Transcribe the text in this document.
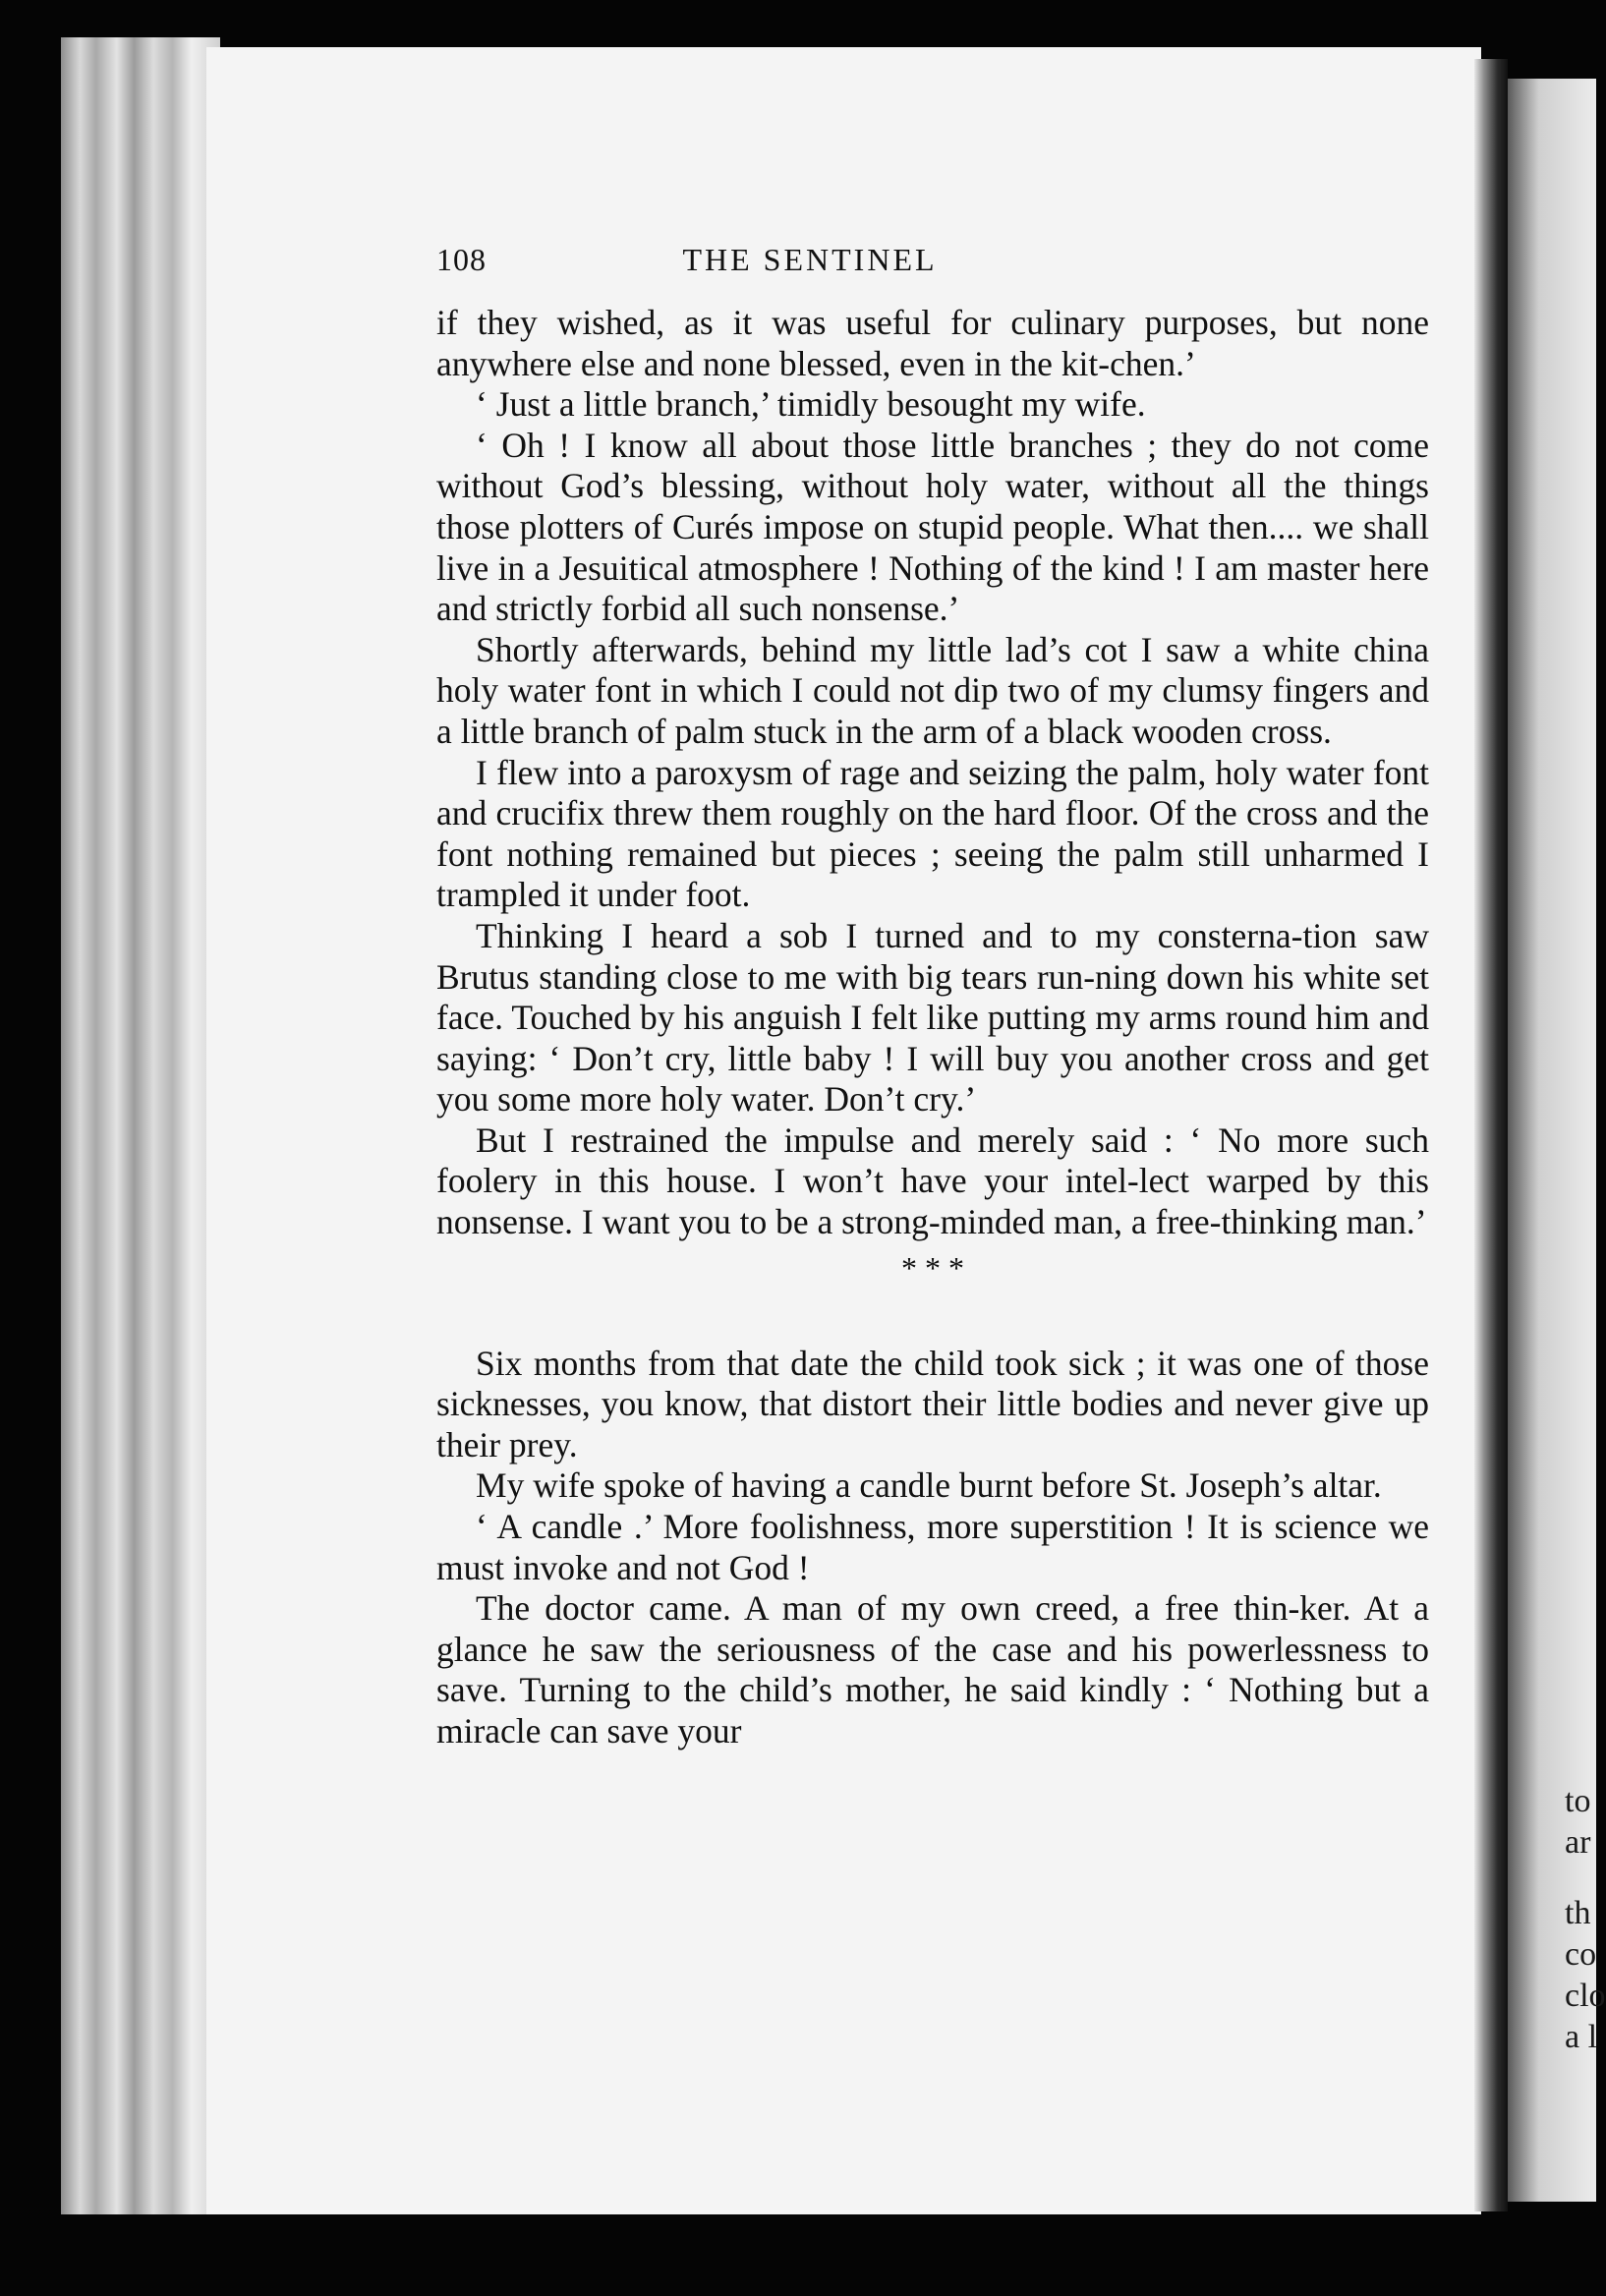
to
ar
th
co
clo
a l
108	THE SENTINEL

if they wished, as it was useful for culinary purposes, but none anywhere else and none blessed, even in the kit-chen.’

‘ Just a little branch,’ timidly besought my wife.

‘ Oh ! I know all about those little branches ; they do not come without God’s blessing, without holy water, without all the things those plotters of Curés impose on stupid people. What then.... we shall live in a Jesuitical atmosphere ! Nothing of the kind ! I am master here and strictly forbid all such nonsense.’

Shortly afterwards, behind my little lad’s cot I saw a white china holy water font in which I could not dip two of my clumsy fingers and a little branch of palm stuck in the arm of a black wooden cross.

I flew into a paroxysm of rage and seizing the palm, holy water font and crucifix threw them roughly on the hard floor. Of the cross and the font nothing remained but pieces ; seeing the palm still unharmed I trampled it under foot.

Thinking I heard a sob I turned and to my consterna-tion saw Brutus standing close to me with big tears run-ning down his white set face. Touched by his anguish I felt like putting my arms round him and saying: ‘ Don’t cry, little baby ! I will buy you another cross and get you some more holy water. Don’t cry.’

But I restrained the impulse and merely said : ‘ No more such foolery in this house. I won’t have your intel-lect warped by this nonsense. I want you to be a strong-minded man, a free-thinking man.’

* * *

Six months from that date the child took sick ; it was one of those sicknesses, you know, that distort their little bodies and never give up their prey.

My wife spoke of having a candle burnt before St. Joseph’s altar.

‘ A candle .’ More foolishness, more superstition ! It is science we must invoke and not God !

The doctor came. A man of my own creed, a free thin-ker. At a glance he saw the seriousness of the case and his powerlessness to save. Turning to the child’s mother, he said kindly : ‘ Nothing but a miracle can save your
